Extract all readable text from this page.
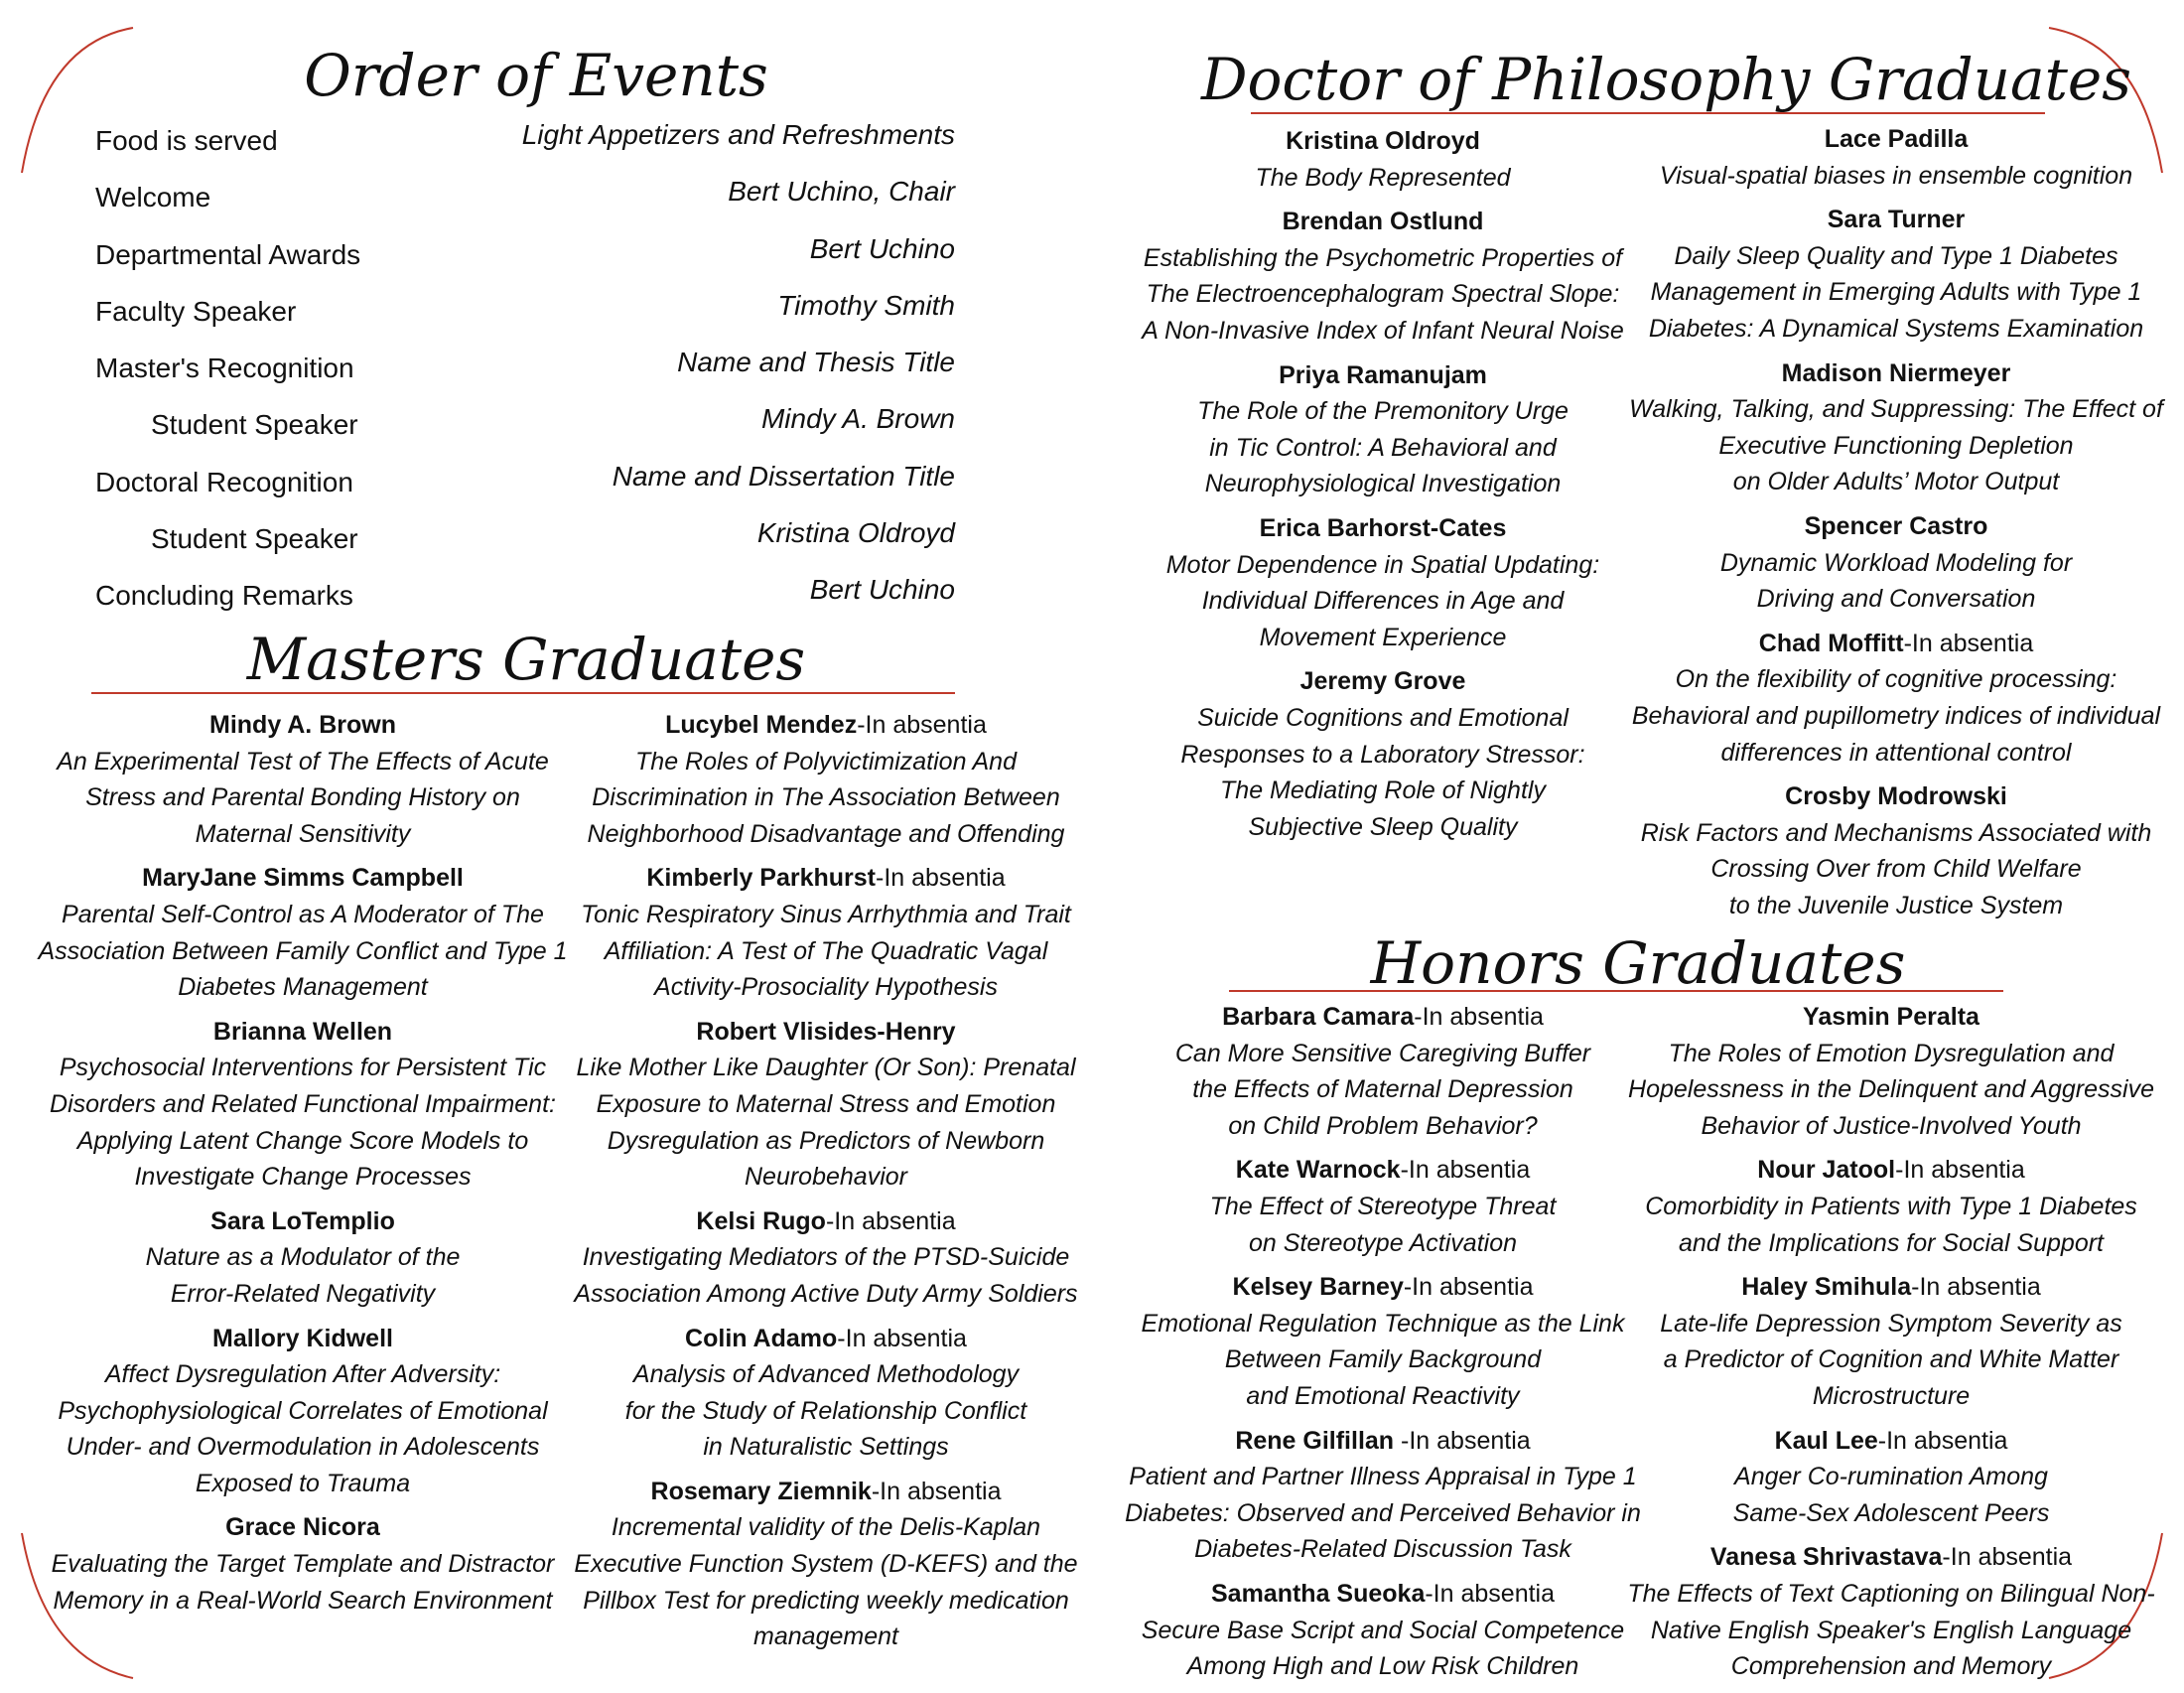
Order of Events
Food is served	Light Appetizers and Refreshments
Welcome	Bert Uchino, Chair
Departmental Awards	Bert Uchino
Faculty Speaker	Timothy Smith
Master's Recognition	Name and Thesis Title
Student Speaker	Mindy A. Brown
Doctoral Recognition	Name and Dissertation Title
Student Speaker	Kristina Oldroyd
Concluding Remarks	Bert Uchino
Masters Graduates
Mindy A. Brown
An Experimental Test of The Effects of Acute
Stress and Parental Bonding History on
Maternal Sensitivity
MaryJane Simms Campbell
Parental Self-Control as A Moderator of The
Association Between Family Conflict and Type 1
Diabetes Management
Brianna Wellen
Psychosocial Interventions for Persistent Tic
Disorders and Related Functional Impairment:
Applying Latent Change Score Models to
Investigate Change Processes
Sara LoTemplio
Nature as a Modulator of the
Error-Related Negativity
Mallory Kidwell
Affect Dysregulation After Adversity:
Psychophysiological Correlates of Emotional
Under- and Overmodulation in Adolescents
Exposed to Trauma
Grace Nicora
Evaluating the Target Template and Distractor
Memory in a Real-World Search Environment
Lucybel Mendez-In absentia
The Roles of Polyvictimization And
Discrimination in The Association Between
Neighborhood Disadvantage and Offending
Kimberly Parkhurst-In absentia
Tonic Respiratory Sinus Arrhythmia and Trait
Affiliation: A Test of The Quadratic Vagal
Activity-Prosociality Hypothesis
Robert Vlisides-Henry
Like Mother Like Daughter (Or Son): Prenatal
Exposure to Maternal Stress and Emotion
Dysregulation as Predictors of Newborn
Neurobehavior
Kelsi Rugo-In absentia
Investigating Mediators of the PTSD-Suicide
Association Among Active Duty Army Soldiers
Colin Adamo-In absentia
Analysis of Advanced Methodology
for the Study of Relationship Conflict
in Naturalistic Settings
Rosemary Ziemnik-In absentia
Incremental validity of the Delis-Kaplan
Executive Function System (D-KEFS) and the
Pillbox Test for predicting weekly medication
management
Doctor of Philosophy Graduates
Kristina Oldroyd
The Body Represented
Brendan Ostlund
Establishing the Psychometric Properties of
The Electroencephalogram Spectral Slope:
A Non-Invasive Index of Infant Neural Noise
Priya Ramanujam
The Role of the Premonitory Urge
in Tic Control: A Behavioral and
Neurophysiological Investigation
Erica Barhorst-Cates
Motor Dependence in Spatial Updating:
Individual Differences in Age and
Movement Experience
Jeremy Grove
Suicide Cognitions and Emotional
Responses to a Laboratory Stressor:
The Mediating Role of Nightly
Subjective Sleep Quality
Lace Padilla
Visual-spatial biases in ensemble cognition
Sara Turner
Daily Sleep Quality and Type 1 Diabetes
Management in Emerging Adults with Type 1
Diabetes: A Dynamical Systems Examination
Madison Niermeyer
Walking, Talking, and Suppressing: The Effect of
Executive Functioning Depletion
on Older Adults’ Motor Output
Spencer Castro
Dynamic Workload Modeling for
Driving and Conversation
Chad Moffitt-In absentia
On the flexibility of cognitive processing:
Behavioral and pupillometry indices of individual
differences in attentional control
Crosby Modrowski
Risk Factors and Mechanisms Associated with
Crossing Over from Child Welfare
to the Juvenile Justice System
Honors Graduates
Barbara Camara-In absentia
Can More Sensitive Caregiving Buffer
the Effects of Maternal Depression
on Child Problem Behavior?
Kate Warnock-In absentia
The Effect of Stereotype Threat
on Stereotype Activation
Kelsey Barney-In absentia
Emotional Regulation Technique as the Link
Between Family Background
and Emotional Reactivity
Rene Gilfillan -In absentia
Patient and Partner Illness Appraisal in Type 1
Diabetes: Observed and Perceived Behavior in
Diabetes-Related Discussion Task
Samantha Sueoka-In absentia
Secure Base Script and Social Competence
Among High and Low Risk Children
Yasmin Peralta
The Roles of Emotion Dysregulation and
Hopelessness in the Delinquent and Aggressive
Behavior of Justice-Involved Youth
Nour Jatool-In absentia
Comorbidity in Patients with Type 1 Diabetes
and the Implications for Social Support
Haley Smihula-In absentia
Late-life Depression Symptom Severity as
a Predictor of Cognition and White Matter
Microstructure
Kaul Lee-In absentia
Anger Co-rumination Among
Same-Sex Adolescent Peers
Vanesa Shrivastava-In absentia
The Effects of Text Captioning on Bilingual Non-
Native English Speaker's English Language
Comprehension and Memory
